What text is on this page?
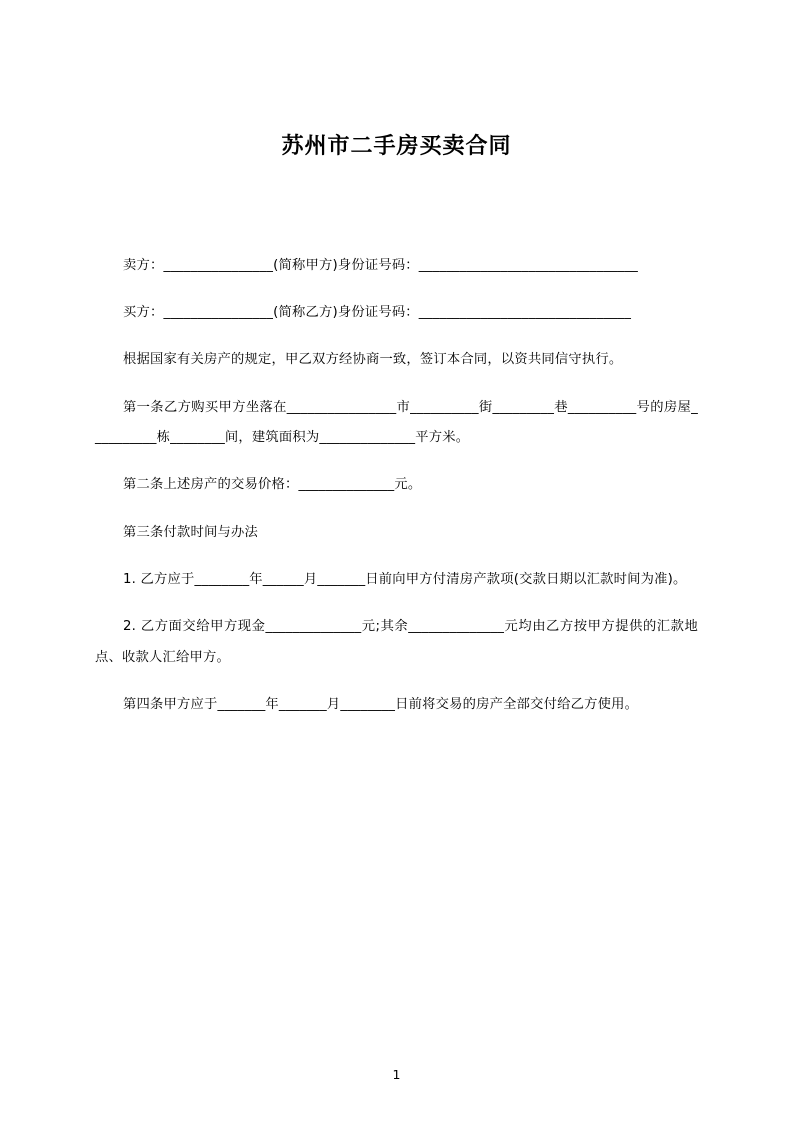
苏州市二手房买卖合同

卖方：________________(简称甲方)身份证号码：________________________________

买方：________________(简称乙方)身份证号码：_______________________________

根据国家有关房产的规定，甲乙双方经协商一致，签订本合同，以资共同信守执行。

第一条乙方购买甲方坐落在________________市__________街_________巷__________号的房屋__________栋________间，建筑面积为______________平方米。

第二条上述房产的交易价格：______________元。

第三条付款时间与办法

1. 乙方应于________年______月_______日前向甲方付清房产款项(交款日期以汇款时间为准)。

2. 乙方面交给甲方现金______________元;其余______________元均由乙方按甲方提供的汇款地点、收款人汇给甲方。

第四条甲方应于_______年_______月________日前将交易的房产全部交付给乙方使用。

1
